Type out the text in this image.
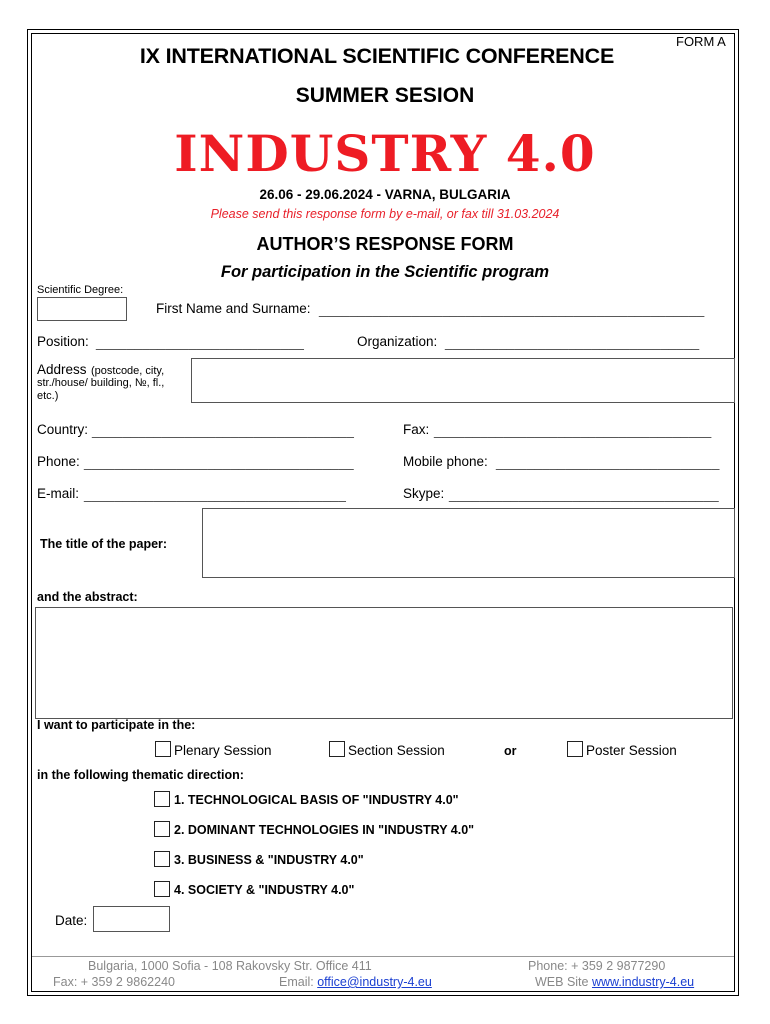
FORM A
IX INTERNATIONAL SCIENTIFIC CONFERENCE
SUMMER SESION
INDUSTRY 4.0
26.06 - 29.06.2024 - VARNA, BULGARIA
Please send this response form by e-mail, or fax till 31.03.2024
AUTHOR’S RESPONSE FORM
For participation in the Scientific program
Scientific Degree:
First Name and Surname: __________________________________________________
Position: ___________________________	Organization: _________________________________
Address (postcode, city,
str./house/ building, №, fl.,
etc.)
Country: __________________________________	Fax: ____________________________________
Phone: ___________________________________	Mobile phone: _____________________________
E-mail: __________________________________	Skype: ___________________________________
The title of the paper:
and the abstract:
I want to participate in the:
Plenary Session	Section Session	or	Poster Session
in the following thematic direction:
1. TECHNOLOGICAL BASIS OF "INDUSTRY 4.0"
2. DOMINANT TECHNOLOGIES IN "INDUSTRY 4.0"
3. BUSINESS & "INDUSTRY 4.0"
4. SOCIETY & "INDUSTRY 4.0"
Date:
Bulgaria, 1000 Sofia - 108 Rakovsky Str. Office 411	Phone: + 359 2 9877290
Fax: + 359 2 9862240	Email: office@industry-4.eu	WEB Site www.industry-4.eu
